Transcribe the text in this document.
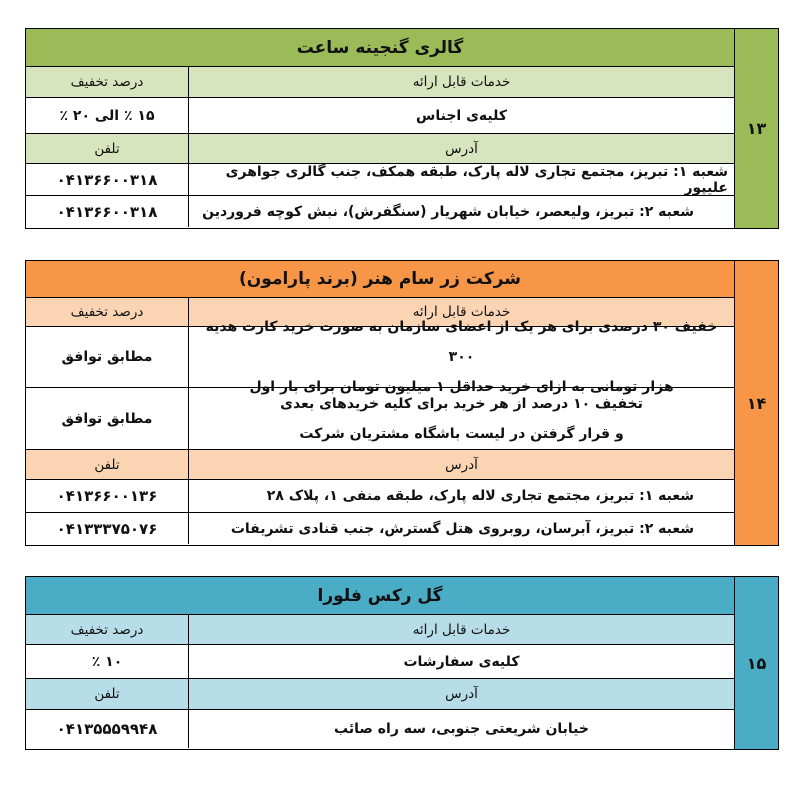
۱۳
گالری گنجینه ساعت
خدمات قابل ارائه
درصد تخفیف
کلیه‌ی اجناس
۱۵ ٪ الی ۲۰ ٪
آدرس
تلفن
شعبه ۱: تبریز، مجتمع تجاری لاله پارک، طبقه همکف، جنب گالری جواهری علیپور
۰۴۱۳۶۶۰۰۳۱۸
شعبه ۲: تبریز، ولیعصر، خیابان شهریار (سنگفرش)، نبش کوچه فروردین
۰۴۱۳۶۶۰۰۳۱۸
۱۴
شرکت زر سام هنر (برند پارامون)
خدمات قابل ارائه
درصد تخفیف
خفیف ۳۰ درصدی برای هر یک از اعضای سازمان به صورت خرید کارت هدیه ۳۰۰
هزار تومانی به ازای خرید حداقل ۱ میلیون تومان برای بار اول
مطابق توافق
تخفیف ۱۰ درصد از هر خرید برای کلیه خریدهای بعدی
و قرار گرفتن در لیست باشگاه مشتریان شرکت
مطابق توافق
آدرس
تلفن
شعبه ۱: تبریز، مجتمع تجاری لاله پارک، طبقه منفی ۱، پلاک ۲۸
۰۴۱۳۶۶۰۰۱۳۶
شعبه ۲: تبریز، آبرسان، روبروی هتل گسترش، جنب قنادی تشریفات
۰۴۱۳۳۳۷۵۰۷۶
۱۵
گل رکس فلورا
خدمات قابل ارائه
درصد تخفیف
کلیه‌ی سفارشات
۱۰ ٪
آدرس
تلفن
خیابان شریعتی جنوبی، سه راه صائب
۰۴۱۳۵۵۵۹۹۴۸
